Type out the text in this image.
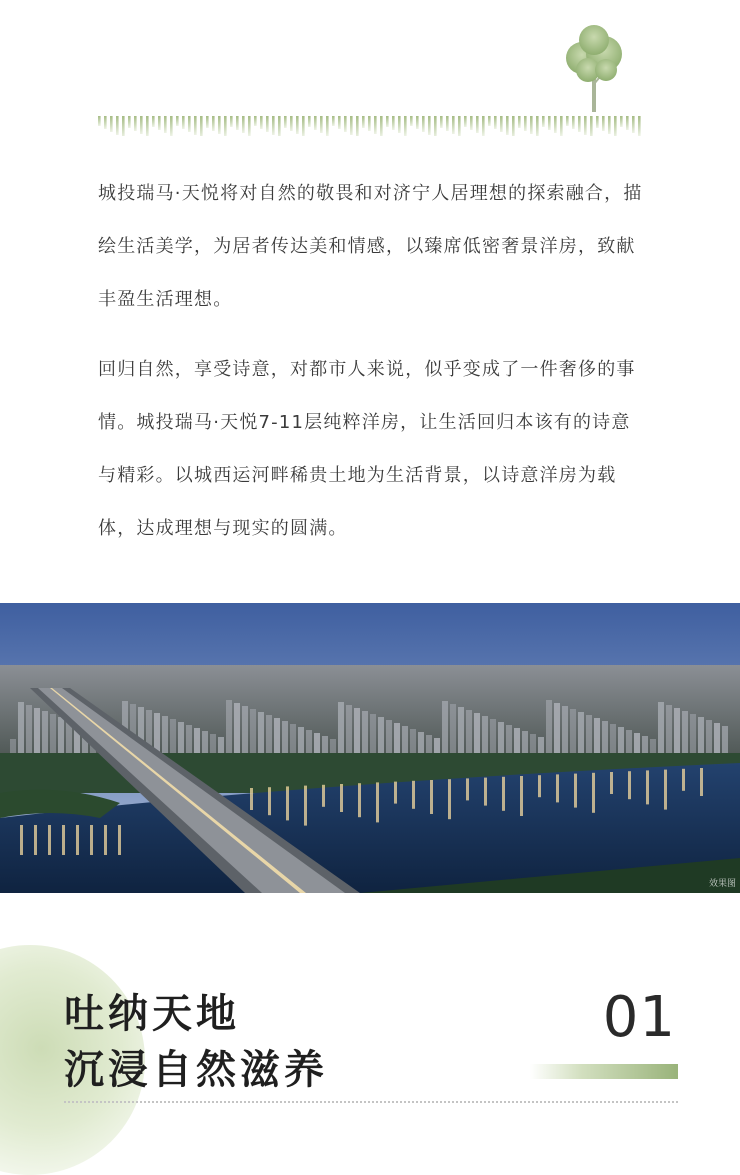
城投瑞马·天悦将对自然的敬畏和对济宁人居理想的探索融合，描绘生活美学，为居者传达美和情感，以臻席低密奢景洋房，致献丰盈生活理想。

回归自然，享受诗意，对都市人来说，似乎变成了一件奢侈的事情。城投瑞马·天悦7-11层纯粹洋房，让生活回归本该有的诗意与精彩。以城西运河畔稀贵土地为生活背景，以诗意洋房为载体，达成理想与现实的圆满。

效果图
吐纳天地
沉浸自然滋养
01
